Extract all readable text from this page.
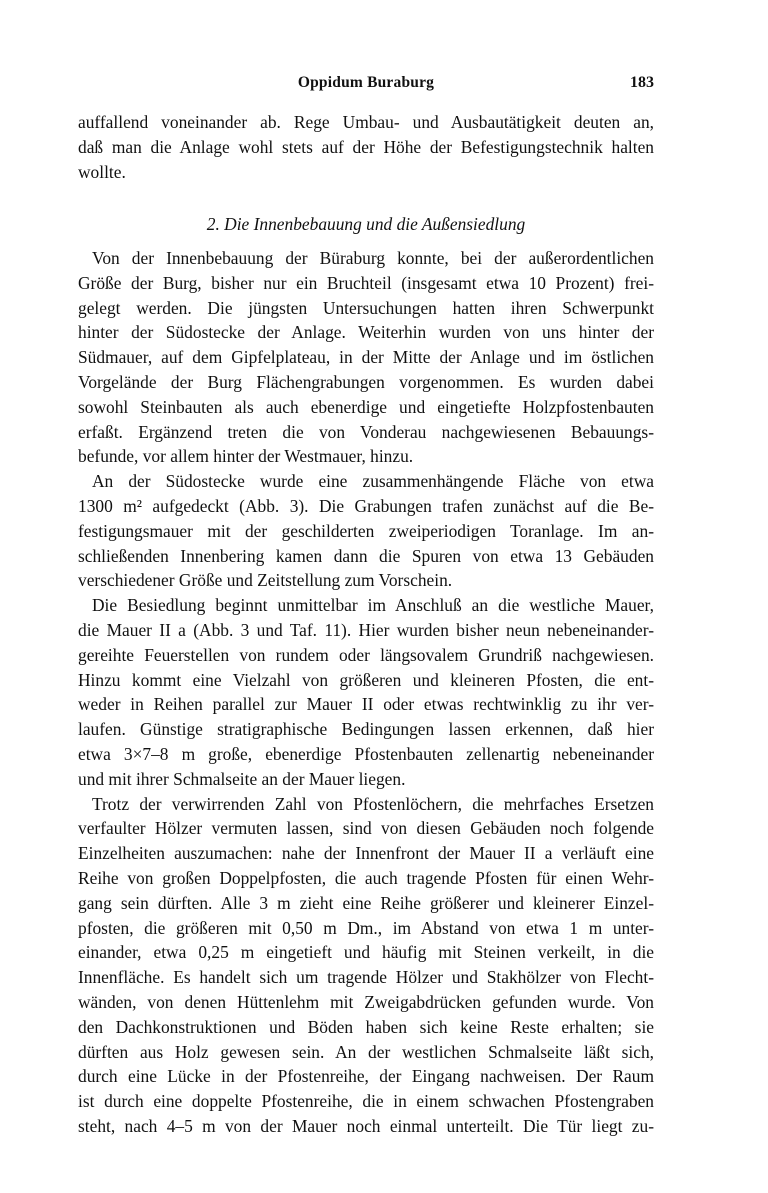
Oppidum Buraburg	183
auffallend voneinander ab. Rege Umbau- und Ausbautätigkeit deuten an,
daß man die Anlage wohl stets auf der Höhe der Befestigungstechnik halten
wollte.
2. Die Innenbebauung und die Außensiedlung
Von der Innenbebauung der Büraburg konnte, bei der außerordentlichen
Größe der Burg, bisher nur ein Bruchteil (insgesamt etwa 10 Prozent) frei-
gelegt werden. Die jüngsten Untersuchungen hatten ihren Schwerpunkt
hinter der Südostecke der Anlage. Weiterhin wurden von uns hinter der
Südmauer, auf dem Gipfelplateau, in der Mitte der Anlage und im östlichen
Vorgelände der Burg Flächengrabungen vorgenommen. Es wurden dabei
sowohl Steinbauten als auch ebenerdige und eingetiefte Holzpfostenbauten
erfaßt. Ergänzend treten die von Vonderau nachgewiesenen Bebauungs-
befunde, vor allem hinter der Westmauer, hinzu.
An der Südostecke wurde eine zusammenhängende Fläche von etwa
1300 m² aufgedeckt (Abb. 3). Die Grabungen trafen zunächst auf die Be-
festigungsmauer mit der geschilderten zweiperiodigen Toranlage. Im an-
schließenden Innenbering kamen dann die Spuren von etwa 13 Gebäuden
verschiedener Größe und Zeitstellung zum Vorschein.
Die Besiedlung beginnt unmittelbar im Anschluß an die westliche Mauer,
die Mauer II a (Abb. 3 und Taf. 11). Hier wurden bisher neun nebeneinander-
gereihte Feuerstellen von rundem oder längsovalem Grundriß nachgewiesen.
Hinzu kommt eine Vielzahl von größeren und kleineren Pfosten, die ent-
weder in Reihen parallel zur Mauer II oder etwas rechtwinklig zu ihr ver-
laufen. Günstige stratigraphische Bedingungen lassen erkennen, daß hier
etwa 3×7–8 m große, ebenerdige Pfostenbauten zellenartig nebeneinander
und mit ihrer Schmalseite an der Mauer liegen.
Trotz der verwirrenden Zahl von Pfostenlöchern, die mehrfaches Ersetzen
verfaulter Hölzer vermuten lassen, sind von diesen Gebäuden noch folgende
Einzelheiten auszumachen: nahe der Innenfront der Mauer II a verläuft eine
Reihe von großen Doppelpfosten, die auch tragende Pfosten für einen Wehr-
gang sein dürften. Alle 3 m zieht eine Reihe größerer und kleinerer Einzel-
pfosten, die größeren mit 0,50 m Dm., im Abstand von etwa 1 m unter-
einander, etwa 0,25 m eingetieft und häufig mit Steinen verkeilt, in die
Innenfläche. Es handelt sich um tragende Hölzer und Stakhölzer von Flecht-
wänden, von denen Hüttenlehm mit Zweigabdrücken gefunden wurde. Von
den Dachkonstruktionen und Böden haben sich keine Reste erhalten; sie
dürften aus Holz gewesen sein. An der westlichen Schmalseite läßt sich,
durch eine Lücke in der Pfostenreihe, der Eingang nachweisen. Der Raum
ist durch eine doppelte Pfostenreihe, die in einem schwachen Pfostengraben
steht, nach 4–5 m von der Mauer noch einmal unterteilt. Die Tür liegt zu-
